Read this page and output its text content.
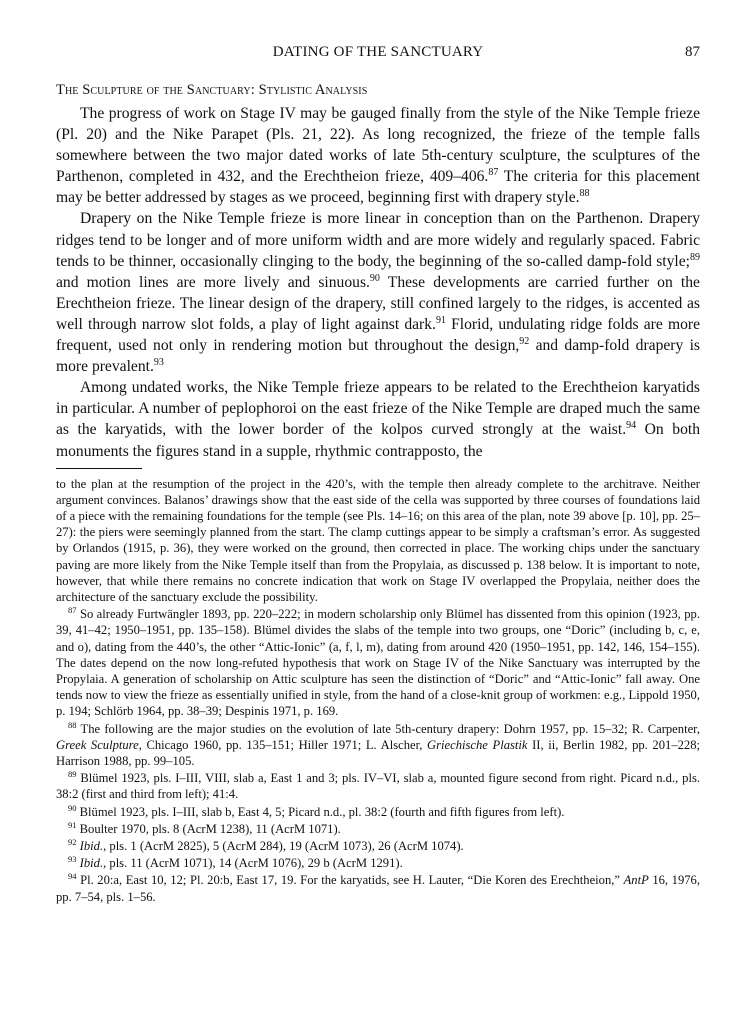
DATING OF THE SANCTUARY	87
The Sculpture of the Sanctuary: Stylistic Analysis

The progress of work on Stage IV may be gauged finally from the style of the Nike Temple frieze (Pl. 20) and the Nike Parapet (Pls. 21, 22). As long recognized, the frieze of the temple falls somewhere between the two major dated works of late 5th-century sculpture, the sculptures of the Parthenon, completed in 432, and the Erechtheion frieze, 409–406.87 The criteria for this placement may be better addressed by stages as we proceed, beginning first with drapery style.$^{88}$

Drapery on the Nike Temple frieze is more linear in conception than on the Parthenon. Drapery ridges tend to be longer and of more uniform width and are more widely and regularly spaced. Fabric tends to be thinner, occasionally clinging to the body, the beginning of the so-called damp-fold style;$^{89}$ and motion lines are more lively and sinuous.$^{90}$ These developments are carried further on the Erechtheion frieze. The linear design of the drapery, still confined largely to the ridges, is accented as well through narrow slot folds, a play of light against dark.$^{91}$ Florid, undulating ridge folds are more frequent, used not only in rendering motion but throughout the design,$^{92}$ and damp-fold drapery is more prevalent.$^{93}$

Among undated works, the Nike Temple frieze appears to be related to the Erechtheion karyatids in particular. A number of peplophoroi on the east frieze of the Nike Temple are draped much the same as the karyatids, with the lower border of the kolpos curved strongly at the waist.$^{94}$ On both monuments the figures stand in a supple, rhythmic contrapposto, the

to the plan at the resumption of the project in the 420’s, with the temple then already complete to the architrave. Neither argument convinces. Balanos’ drawings show that the east side of the cella was supported by three courses of foundations laid of a piece with the remaining foundations for the temple (see Pls. 14–16; on this area of the plan, note 39 above [p. 10], pp. 25–27): the piers were seemingly planned from the start. The clamp cuttings appear to be simply a craftsman’s error. As suggested by Orlandos (1915, p. 36), they were worked on the ground, then corrected in place. The working chips under the sanctuary paving are more likely from the Nike Temple itself than from the Propylaia, as discussed p. 138 below. It is important to note, however, that while there remains no concrete indication that work on Stage IV overlapped the Propylaia, neither does the architecture of the sanctuary exclude the possibility.

$^{87}$ So already Furtwängler 1893, pp. 220–222; in modern scholarship only Blümel has dissented from this opinion (1923, pp. 39, 41–42; 1950–1951, pp. 135–158). Blümel divides the slabs of the temple into two groups, one “Doric” (including b, c, e, and o), dating from the 440’s, the other “Attic-Ionic” (a, f, l, m), dating from around 420 (1950–1951, pp. 142, 146, 154–155). The dates depend on the now long-refuted hypothesis that work on Stage IV of the Nike Sanctuary was interrupted by the Propylaia. A generation of scholarship on Attic sculpture has seen the distinction of “Doric” and “Attic-Ionic” fall away. One tends now to view the frieze as essentially unified in style, from the hand of a close-knit group of workmen: e.g., Lippold 1950, p. 194; Schlörb 1964, pp. 38–39; Despinis 1971, p. 169.

$^{88}$ The following are the major studies on the evolution of late 5th-century drapery: Dohrn 1957, pp. 15–32; R. Carpenter, Greek Sculpture, Chicago 1960, pp. 135–151; Hiller 1971; L. Alscher, Griechische Plastik II, ii, Berlin 1982, pp. 201–228; Harrison 1988, pp. 99–105.

$^{89}$ Blümel 1923, pls. I–III, VIII, slab a, East 1 and 3; pls. IV–VI, slab a, mounted figure second from right. Picard n.d., pls. 38:2 (first and third from left); 41:4.

$^{90}$ Blümel 1923, pls. I–III, slab b, East 4, 5; Picard n.d., pl. 38:2 (fourth and fifth figures from left).

$^{91}$ Boulter 1970, pls. 8 (AcrM 1238), 11 (AcrM 1071).

$^{92}$ Ibid., pls. 1 (AcrM 2825), 5 (AcrM 284), 19 (AcrM 1073), 26 (AcrM 1074).

$^{93}$ Ibid., pls. 11 (AcrM 1071), 14 (AcrM 1076), 29 b (AcrM 1291).

$^{94}$ Pl. 20:a, East 10, 12; Pl. 20:b, East 17, 19. For the karyatids, see H. Lauter, “Die Koren des Erechtheion,” AntP 16, 1976, pp. 7–54, pls. 1–56.
